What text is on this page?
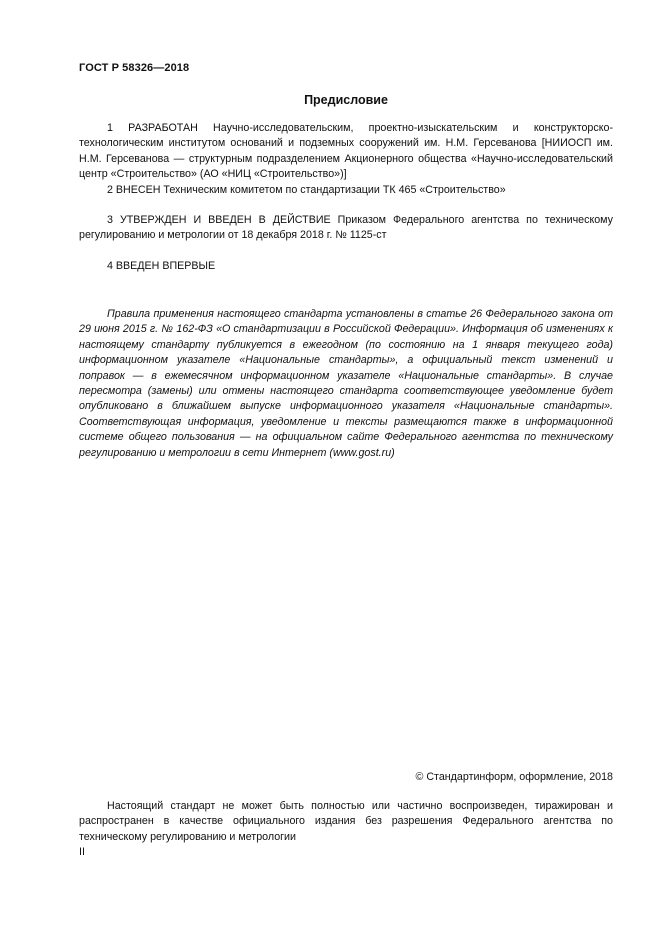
ГОСТ Р 58326—2018
Предисловие

1 РАЗРАБОТАН Научно-исследовательским, проектно-изыскательским и конструкторско-технологическим институтом оснований и подземных сооружений им. Н.М. Герсеванова [НИИОСП им. Н.М. Герсеванова — структурным подразделением Акционерного общества «Научно-исследовательский центр «Строительство» (АО «НИЦ «Строительство»)]

2 ВНЕСЕН Техническим комитетом по стандартизации ТК 465 «Строительство»

3 УТВЕРЖДЕН И ВВЕДЕН В ДЕЙСТВИЕ Приказом Федерального агентства по техническому регулированию и метрологии от 18 декабря 2018 г. № 1125-ст

4 ВВЕДЕН ВПЕРВЫЕ

Правила применения настоящего стандарта установлены в статье 26 Федерального закона от 29 июня 2015 г. № 162-ФЗ «О стандартизации в Российской Федерации». Информация об изменениях к настоящему стандарту публикуется в ежегодном (по состоянию на 1 января текущего года) информационном указателе «Национальные стандарты», а официальный текст изменений и поправок — в ежемесячном информационном указателе «Национальные стандарты». В случае пересмотра (замены) или отмены настоящего стандарта соответствующее уведомление будет опубликовано в ближайшем выпуске информационного указателя «Национальные стандарты». Соответствующая информация, уведомление и тексты размещаются также в информационной системе общего пользования — на официальном сайте Федерального агентства по техническому регулированию и метрологии в сети Интернет (www.gost.ru)

© Стандартинформ, оформление, 2018

Настоящий стандарт не может быть полностью или частично воспроизведен, тиражирован и распространен в качестве официального издания без разрешения Федерального агентства по техническому регулированию и метрологии

II
